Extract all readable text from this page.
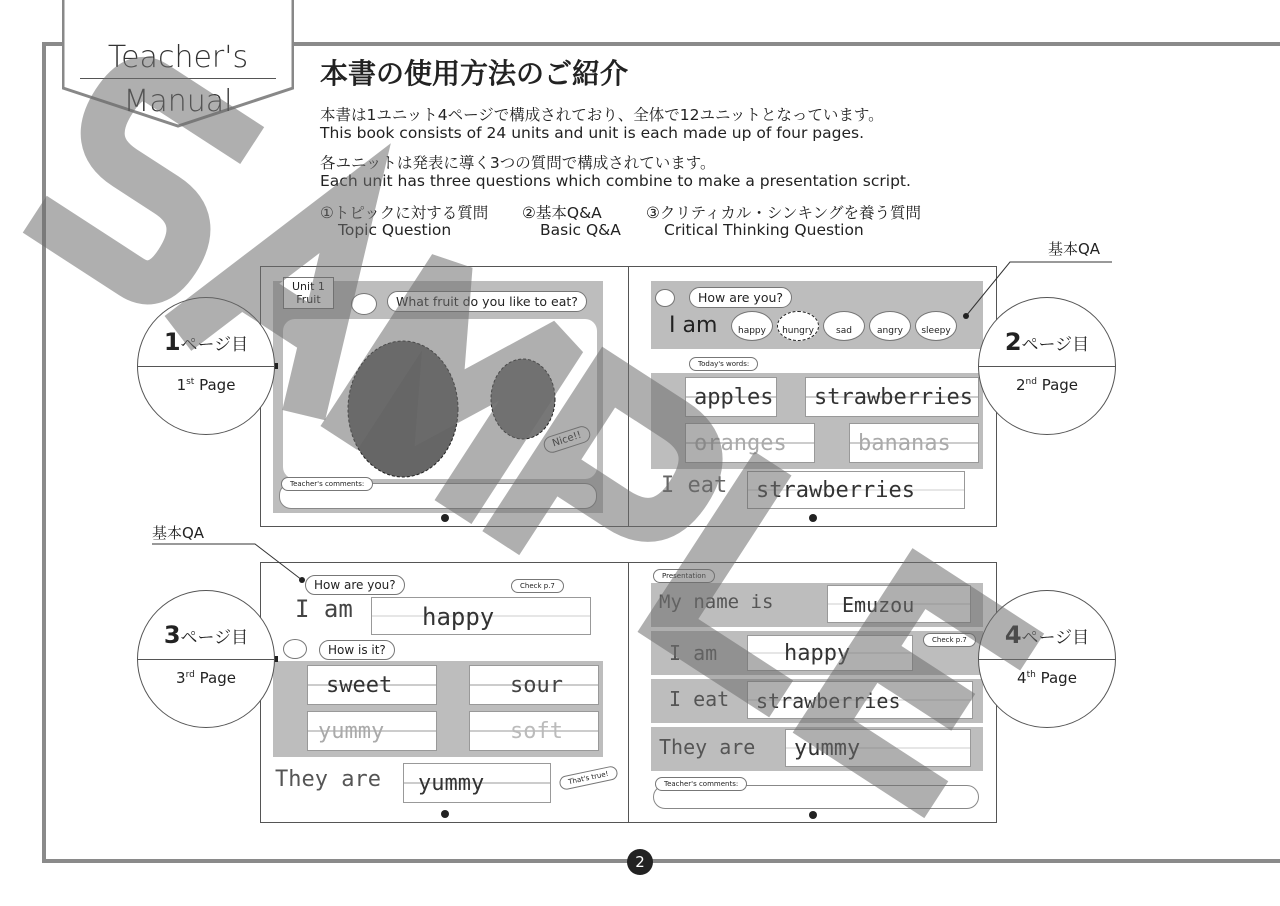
Teacher's
Manual
本書の使用方法のご紹介
本書は1ユニット4ページで構成されており、全体で12ユニットとなっています。
This book consists of 24 units and unit is each made up of four pages.
各ユニットは発表に導く3つの質問で構成されています。
Each unit has three questions which combine to make a presentation script.
①トピックに対する質問
Topic Question
②基本Q&A
Basic Q&A
③クリティカル・シンキングを養う質問
Critical Thinking Question
Unit 1
Fruit	What fruit do you like to eat?
Nice!!
Teacher's comments:
How are you?
I am	happy	hungry	sad	angry	sleepy
Today's words:
apples	strawberries
oranges	bananas
I eat	strawberries
How are you?	Check p.7
I am	happy
How is it?
sweet	sour
yummy	soft
They are	yummy	That's true!
Presentation
My name is	Emuzou
I am	happy
Check p.7
I eat	strawberries
They are	yummy
Teacher's comments:
基本QA
基本QA
1ページ目
1st Page
2ページ目
2nd Page
3ページ目
3rd Page
4ページ目
4th Page
2
